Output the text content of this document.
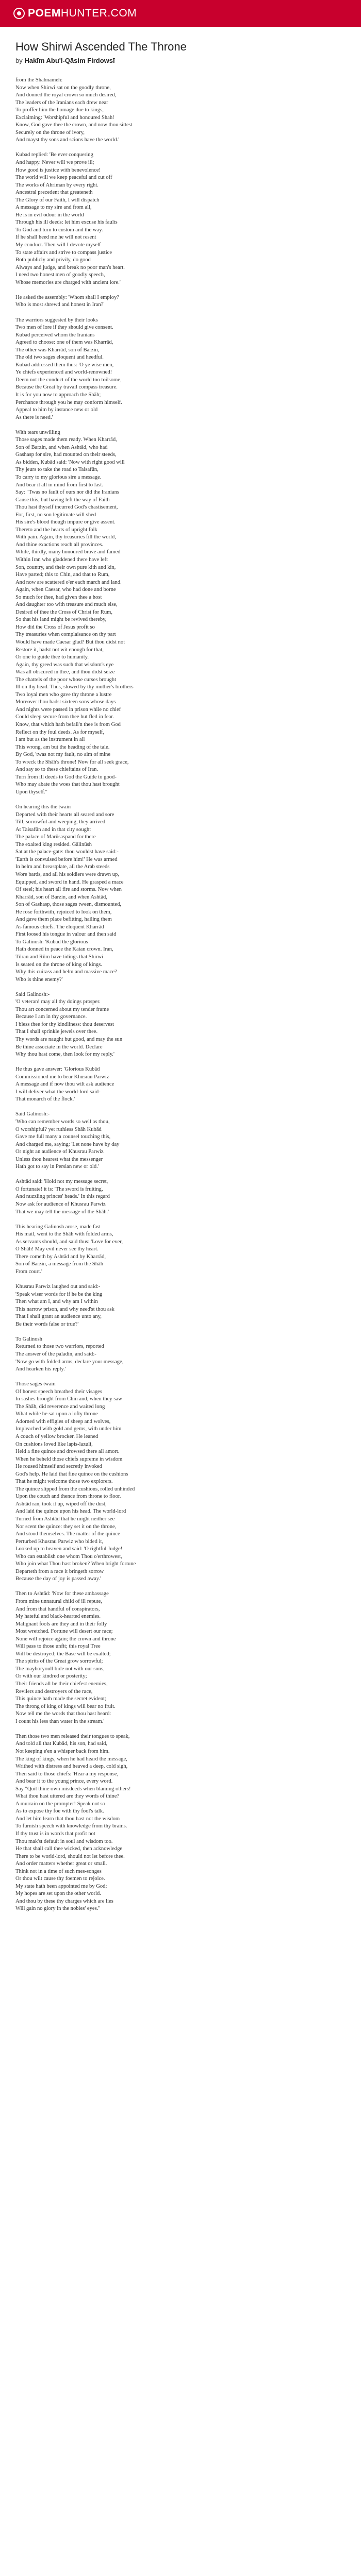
POEMHUNTER.COM
How Shirwi Ascended The Throne

by Hakīm Abu'l-Qāsim Firdowsī

from the Shahnameh:
Now when Shirwi sat on the goodly throne,
And donned the royal crown so much desired,
The leaders of the Iranians each drew near
To proffer him the homage due to kings,
Exclaiming: 'Worshipful and honoured Shah!
Know, God gave thee the crown, and now thou sittest
Securely on the throne of ivory,
And mayst thy sons and scions have the world.'
Kubad replied: 'Be ever conquering
And happy. Never will we prove ill;
How good is justice with benevolence!
The world will we keep peaceful and cut off
The works of Ahriman by every right.
Ancestral precedent that greateneth
The Glory of our Faith, I will dispatch
A message to my sire and from all,
He is in evil odour in the world
Through his ill deeds: let him excuse his faults
To God and turn to custom and the way.
If he shall heed me he will not resent
My conduct. Then will I devote myself
To state affairs and strive to compass justice
Both publicly and privily, do good
Always and judge, and break no poor man's heart.
I need two honest men of goodly speech,
Whose memories are charged with ancient lore.'
He asked the assembly: 'Whom shall I employ?
Who is most shrewd and honest in Iran?'
The warriors suggested by their looks
Two men of lore if they should give consent.
Kubad perceived whom the Iranians
Agreed to choose: one of them was Kharrād,
The other was Kharrād, son of Barzin,
The old two sages eloquent and heedful.
Kubad addressed them thus: 'O ye wise men,
Ye chiefs experienced and world-renowned!
Deem not the conduct of the world too toilsome,
Because the Great by travail compass treasure.
It is for you now to approach the Shāh;
Perchance through you he may conform himself.
Appeal to him by instance new or old
As there is need.'
With tears unwilling
Those sages made them ready. When Kharrād,
Son of Barzin, and when Ashtād, who had
Gashasp for sire, had mounted on their steeds,
As bidden, Kubād said: 'Now with right good will
Thy jeurs to take the road to Taisafūn,
To carry to my glorious sire a message.
And bear it all in mind from first to last.
Say: "Twas no fault of ours nor did the Iranians
Cause this, but having left the way of Faith
Thou hast thyself incurred God's chastisement,
For, first, no son legitimate will shed
His sire's blood though impure or give assent.
Thereto and the hearts of upright folk
With pain. Again, thy treasuries fill the world,
And thine exactions reach all provinces.
While, thirdly, many honoured brave and famed
Within Iran who gladdened there have left
Son, country, and their own pure kith and kin,
Have parted; this to Chin, and that to Rum,
And now are scattered o'er each march and land.
Again, when Caesar, who had done and borne
So much for thee, had given thee a host
And daughter too with treasure and much else,
Desired of thee the Cross of Christ for Rum,
So that his land might be revived thereby,
How did the Cross of Jesus profit so
Thy treasuries when complaisance on thy part
Would have made Caesar glad? But thou didst not
Restore it, hadst not wit enough for that,
Or one to guide thee to humanity.
Again, thy greed was such that wisdom's eye
Was all obscured in thee, and thou didst seize
The chattels of the poor whose curses brought
Ill on thy head. Thus, slowed by thy mother's brothers
Two loyal men who gave thy throne a lustre
Moreover thou hadst sixteen sons whose days
And nights were passed in prison while no chief
Could sleep secure from thee but fled in fear.
Know, that which hath befall'n thee is from God
Reflect on thy foul deeds. As for myself,
I am but as the instrument in all
This wrong, am but the heading of the tale.
By God, 'twas not my fault, no aim of mine
To wreck the Shāh's throne! Now for all seek grace,
And say so to these chieftains of Iran.
Turn from ill deeds to God the Guide to good-
Who may abate the woes that thou hast brought
Upon thyself."
On hearing this the twain
Departed with their hearts all seared and sore
Till, sorrowful and weeping, they arrived
At Taisafūn and in that city sought
The palace of Marūsaspand for there
The exalted king resided. Gālinūsh
Sat at the palace-gate: thou wouldst have said:-
'Earth is convulsed before him!' He was armed
In helm and breastplate, all the Arab steeds
Wore bards, and all his soldiers were drawn up,
Equipped, and sword in hand. He grasped a mace
Of steel; his heart all fire and storms. Now when
Kharrād, son of Barzin, and when Ashtād,
Son of Gashasp, those sages tween, dismounted,
He rose forthwith, rejoiced to look on them,
And gave them place befitting, hailing them
As famous chiefs. The eloquent Kharrād
First loosed his tongue in valour and then said
To Galinosh: 'Kubad the glorious
Hath donned in peace the Kaian crown. Iran,
Tūran and Rūm have tidings that Shirwi
Is seated on the throne of king of kings.
Why this cuirass and helm and massive mace?
Who is thine enemy?'
Said Galinosh:-
'O veteran! may all thy doings prosper.
Thou art concerned about my tender frame
Because I am in thy governance.
I bless thee for thy kindliness: thou deservest
That I shall sprinkle jewels over thee.
Thy words are naught but good, and may the sun
Be thine associate in the world. Declare
Why thou hast come, then look for my reply.'
He thus gave answer: 'Glorious Kubād
Commissioned me to bear Khusrau Parwiz
A message and if now thou wilt ask audience
I will deliver what the world-lord said-
That monarch of the flock.'
Said Galinosh:-
'Who can remember words so well as thou,
O worshipful? yet ruthless Shāh Kubād
Gave me full many a counsel touching this,
And charged me, saying: 'Let none have by day
Or night an audience of Khusrau Parwiz
Unless thou hearest what the messenger
Hath got to say in Persian new or old.'
Ashtād said: 'Hold not my message secret,
O fortunate! it is: 'The sword is fruiting,
And nuzzling princes' heads.' In this regard
Now ask for audience of Khusrau Parwiz
That we may tell the message of the Shāh.'
This hearing Galinosh arose, made fast
His mail, went to the Shāh with folded arms,
As servants should, and said thus: 'Love for ever,
O Shāh! May evil never see thy heart.
There cometh by Ashtād and by Kharrād,
Son of Barzin, a message from the Shāh
From court.'
Khusrau Parwiz laughed out and said:-
'Speak wiser words for if he be the king
Then what am I, and why am I within
This narrow prison, and why need'st thou ask
That I shall grant an audience unto any,
Be their words false or true?'
To Galinosh
Returned to those two warriors, reported
The answer of the paladin, and said:-
'Now go with folded arms, declare your message,
And hearken his reply.'
Those sages twain
Of honest speech breathed their visages
In sashes brought from Chin and, when they saw
The Shāh, did reverence and waited long
What while he sat upon a lofty throne
Adorned with effigies of sheep and wolves,
Impleached with gold and gems, with under him
A couch of yellow brocker. He leaned
On cushions loved like lapis-lazuli,
Held a fine quince and drowsed there all amort.
When he beheld those chiefs supreme in wisdom
He roused himself and secretly invoked
God's help. He laid that fine quince on the cushions
That he might welcome those two explorers.
The quince slipped from the cushions, rolled unhinded
Upon the couch and thence from throne to floor.
Ashtād ran, took it up, wiped off the dust,
And laid the quince upon his head. The world-lord
Turned from Ashtād that he might neither see
Nor scent the quince: they set it on the throne,
And stood themselves. The matter of the quince
Perturbed Khusrau Parwiz who bided it,
Looked up to heaven and said: 'O rightful Judge!
Who can establish one whom Thou o'erthrowest,
Who join what Thou hast broken? When bright fortune
Departeth from a race it bringeth sorrow
Because the day of joy is passed away.'
Then to Ashtād: 'Now for these ambassage
From mine unnatural child of ill repute,
And from that handful of conspirators,
My hateful and black-hearted enemies.
Malignant fools are they and in their folly
Most wretched. Fortune will desert our race;
None will rejoice again; the crown and throne
Will pass to those unfit; this royal Tree
Will be destroyed; the Base will be exalted;
The spirits of the Great grow sorrowful;
The mayboryoull bide not with our sons,
Or with our kindred or posterity;
Their friends all be their chiefest enemies,
Revilers and destroyers of the race,
This quince hath made the secret evident;
The throng of king of kings will bear no fruit.
Now tell me the words that thou hast heard:
I count his less than water in the stream.'
Then those two men released their tongues to speak,
And told all that Kubād, his son, had said,
Not keeping e'en a whisper back from him.
The king of kings, when he had heard the message,
Writhed with distress and heaved a deep, cold sigh,
Then said to those chiefs: 'Hear a my response,
And bear it to the young prince, every word.
Say "Quit thine own misdeeds when blaming others!
What thou hast uttered are they words of thine?
A murrain on the prompter! Speak not so
As to expose thy foe with thy fool's talk.
And let him learn that thou hast not the wisdom
To furnish speech with knowledge from thy brains.
If thy trust is in words that profit not
Thou mak'st default in soul and wisdom too.
He that shall call thee wicked, then acknowledge
There to be world-lord, should not let before thee.
And order matters whether great or small.
Think not in a time of such mes-songes
Or thou wilt cause thy foemen to rejoice.
My state hath been appointed me by God;
My hopes are set upon the other world.
And thou by these thy charges which are lies
Will gain no glory in the nobles' eyes."
